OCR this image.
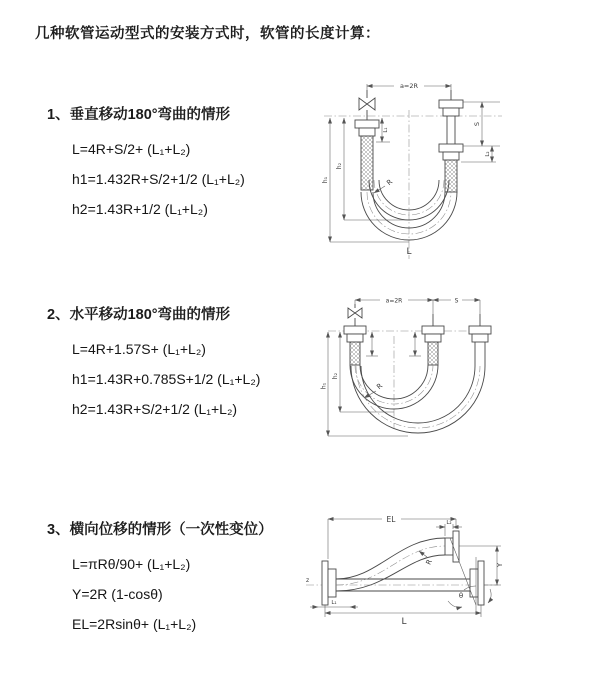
几种软管运动型式的安装方式时，软管的长度计算：
1、垂直移动180°弯曲的情形
L=4R+S/2+ (L₁+L₂)
h1=1.432R+S/2+1/2 (L₁+L₂)
h2=1.43R+1/2 (L₁+L₂)
2、水平移动180°弯曲的情形
L=4R+1.57S+ (L₁+L₂)
h1=1.43R+0.785S+1/2 (L₁+L₂)
h2=1.43R+S/2+1/2 (L₁+L₂)
3、横向位移的情形（一次性变位）
L=πRθ/90+ (L₁+L₂)
Y=2R (1-cosθ)
EL=2Rsinθ+ (L₁+L₂)
a=2R
h₁
h₂
L₁
S
L₂
R
L
a=2R	S
h₁
h₂
R
z
EL	L₂
Y
θ
R
L₁
L
